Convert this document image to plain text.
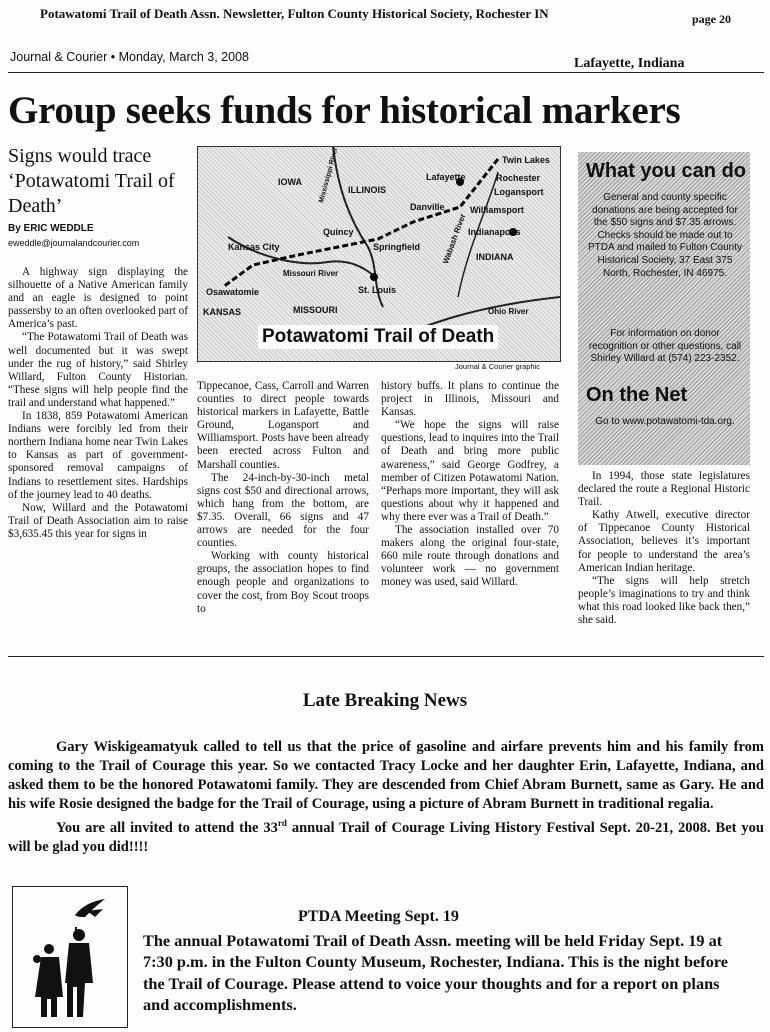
Potawatomi Trail of Death Assn. Newsletter, Fulton County Historical Society, Rochester IN	page 20
Journal & Courier • Monday, March 3, 2008	Lafayette, Indiana
Group seeks funds for historical markers
Signs would trace ‘Potawatomi Trail of Death’
By ERIC WEDDLE
eweddle@journalandcourier.com

A highway sign displaying the silhouette of a Native American family and an eagle is designed to point passersby to an often overlooked part of America’s past.

“The Potawatomi Trail of Death was well documented but it was swept under the rug of history,” said Shirley Willard, Fulton County Historian. “These signs will help people find the trail and understand what happened.”

In 1838, 859 Potawatomi American Indians were forcibly led from their northern Indiana home near Twin Lakes to Kansas as part of government-sponsored removal campaigns of Indians to resettlement sites. Hardships of the journey lead to 40 deaths.

Now, Willard and the Potawatomi Trail of Death Association aim to raise $3,635.45 this year for signs in

IOWA
ILLINOIS
Lafayette
Twin Lakes
Rochester
Logansport
Danville	Williamsport
Quincy
Springfield
Indianapolis
INDIANA
Kansas City
Missouri River
Osawatomie
KANSAS	MISSOURI
St. Louis
Wabash River
Ohio River
Mississippi River
Potawatomi Trail of Death
Journal & Courier graphic

Tippecanoe, Cass, Carroll and Warren counties to direct people towards historical markers in Lafayette, Battle Ground, Logansport and Williamsport. Posts have been already been erected across Fulton and Marshall counties.

The 24-inch-by-30-inch metal signs cost $50 and directional arrows, which hang from the bottom, are $7.35. Overall, 66 signs and 47 arrows are needed for the four counties.

Working with county historical groups, the association hopes to find enough people and organizations to cover the cost, from Boy Scout troops to

history buffs. It plans to continue the project in Illinois, Missouri and Kansas.

“We hope the signs will raise questions, lead to inquires into the Trail of Death and bring more public awareness,” said George Godfrey, a member of Citizen Potawatomi Nation. “Perhaps more important, they will ask questions about why it happened and why there ever was a Trail of Death.”

The association installed over 70 makers along the original four-state, 660 mile route through donations and volunteer work — no government money was used, said Willard.

What you can do
General and county specific donations are being accepted for the $50 signs and $7.35 arrows. Checks should be made out to PTDA and mailed to Fulton County Historical Society, 37 East 375 North, Rochester, IN 46975.
For information on donor recognition or other questions, call Shirley Willard at (574) 223-2352.
On the Net
Go to www.potawatomi-tda.org.

In 1994, those state legislatures declared the route a Regional Historic Trail.

Kathy Atwell, executive director of Tippecanoe County Historical Association, believes it’s important for people to understand the area’s American Indian heritage.

“The signs will help stretch people’s imaginations to try and think what this road looked like back then,” she said.

Late Breaking News

Gary Wiskigeamatyuk called to tell us that the price of gasoline and airfare prevents him and his family from coming to the Trail of Courage this year. So we contacted Tracy Locke and her daughter Erin, Lafayette, Indiana, and asked them to be the honored Potawatomi family. They are descended from Chief Abram Burnett, same as Gary. He and his wife Rosie designed the badge for the Trail of Courage, using a picture of Abram Burnett in traditional regalia.

You are all invited to attend the 33rd annual Trail of Courage Living History Festival Sept. 20-21, 2008. Bet you will be glad you did!!!!

PTDA Meeting Sept. 19
The annual Potawatomi Trail of Death Assn. meeting will be held Friday Sept. 19 at 7:30 p.m. in the Fulton County Museum, Rochester, Indiana. This is the night before the Trail of Courage. Please attend to voice your thoughts and for a report on plans and accomplishments.
